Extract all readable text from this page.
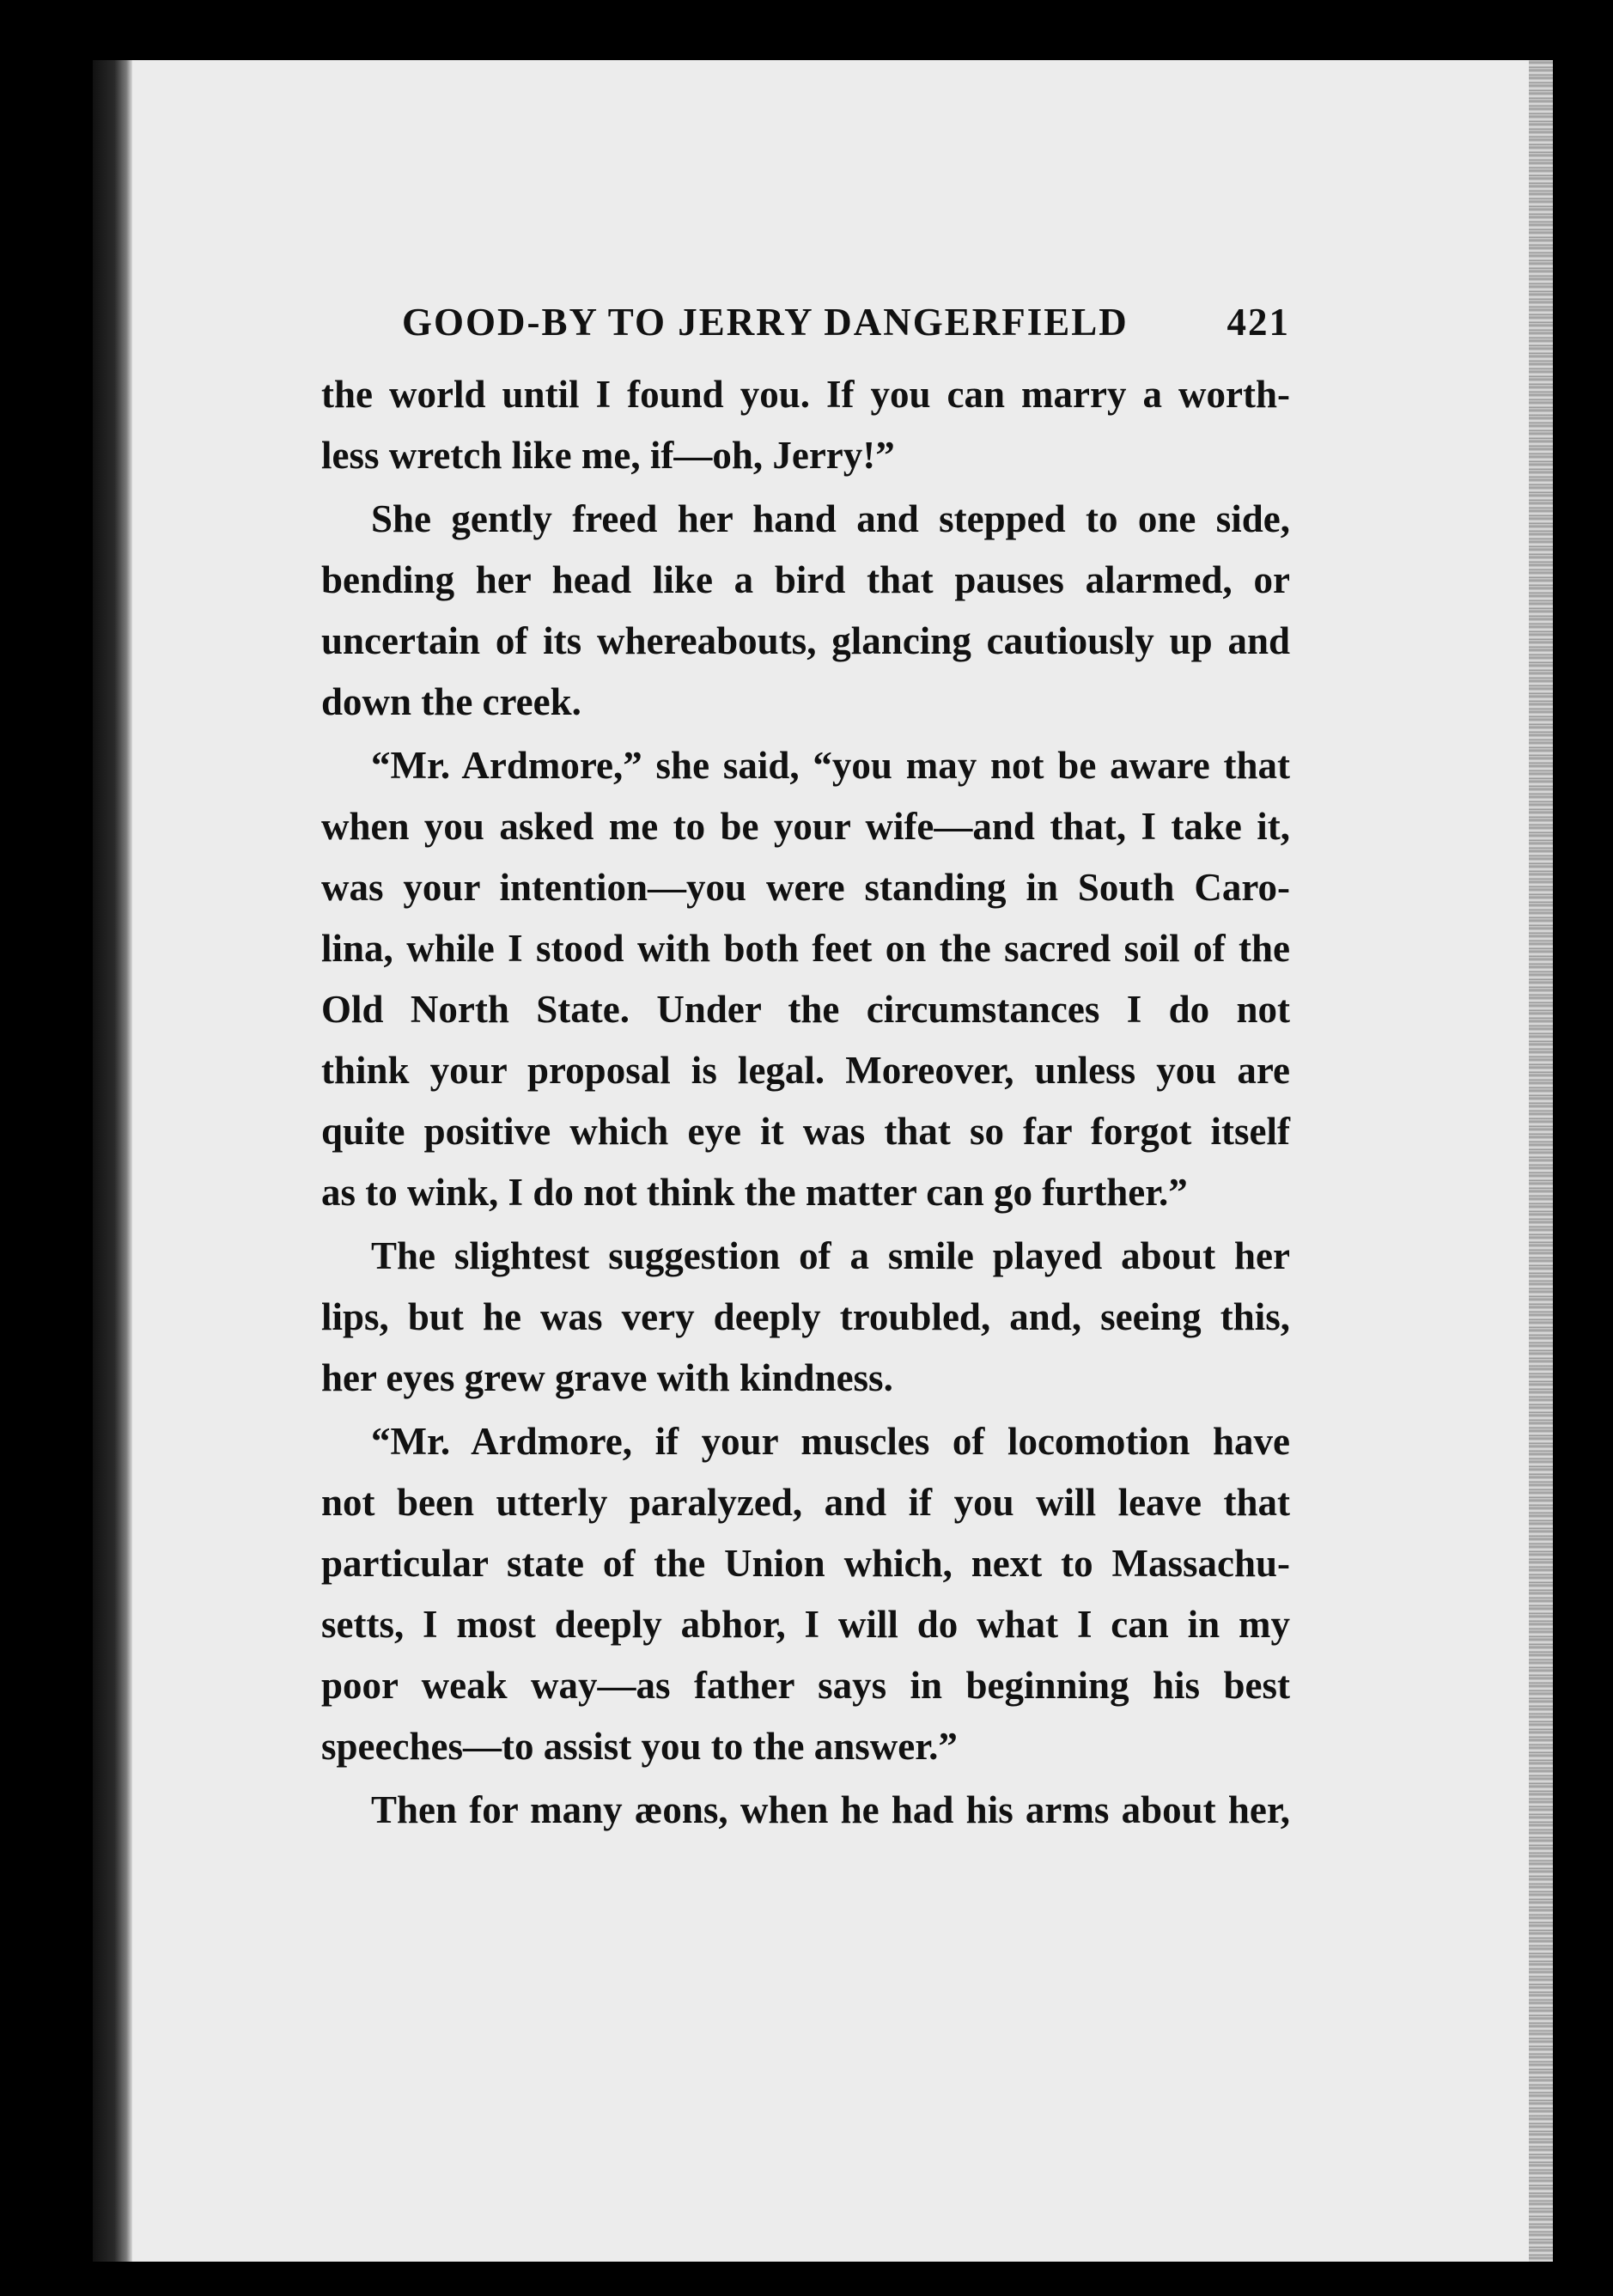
GOOD-BY TO JERRY DANGERFIELD	421
the world until I found you. If you can marry a worth-
less wretch like me, if—oh, Jerry!”
She gently freed her hand and stepped to one side,
bending her head like a bird that pauses alarmed, or
uncertain of its whereabouts, glancing cautiously up and
down the creek.
“Mr. Ardmore,” she said, “you may not be aware that
when you asked me to be your wife—and that, I take it,
was your intention—you were standing in South Caro-
lina, while I stood with both feet on the sacred soil of the
Old North State. Under the circumstances I do not
think your proposal is legal. Moreover, unless you are
quite positive which eye it was that so far forgot itself
as to wink, I do not think the matter can go further.”
The slightest suggestion of a smile played about her
lips, but he was very deeply troubled, and, seeing this,
her eyes grew grave with kindness.
“Mr. Ardmore, if your muscles of locomotion have
not been utterly paralyzed, and if you will leave that
particular state of the Union which, next to Massachu-
setts, I most deeply abhor, I will do what I can in my
poor weak way—as father says in beginning his best
speeches—to assist you to the answer.”
Then for many æons, when he had his arms about her,
